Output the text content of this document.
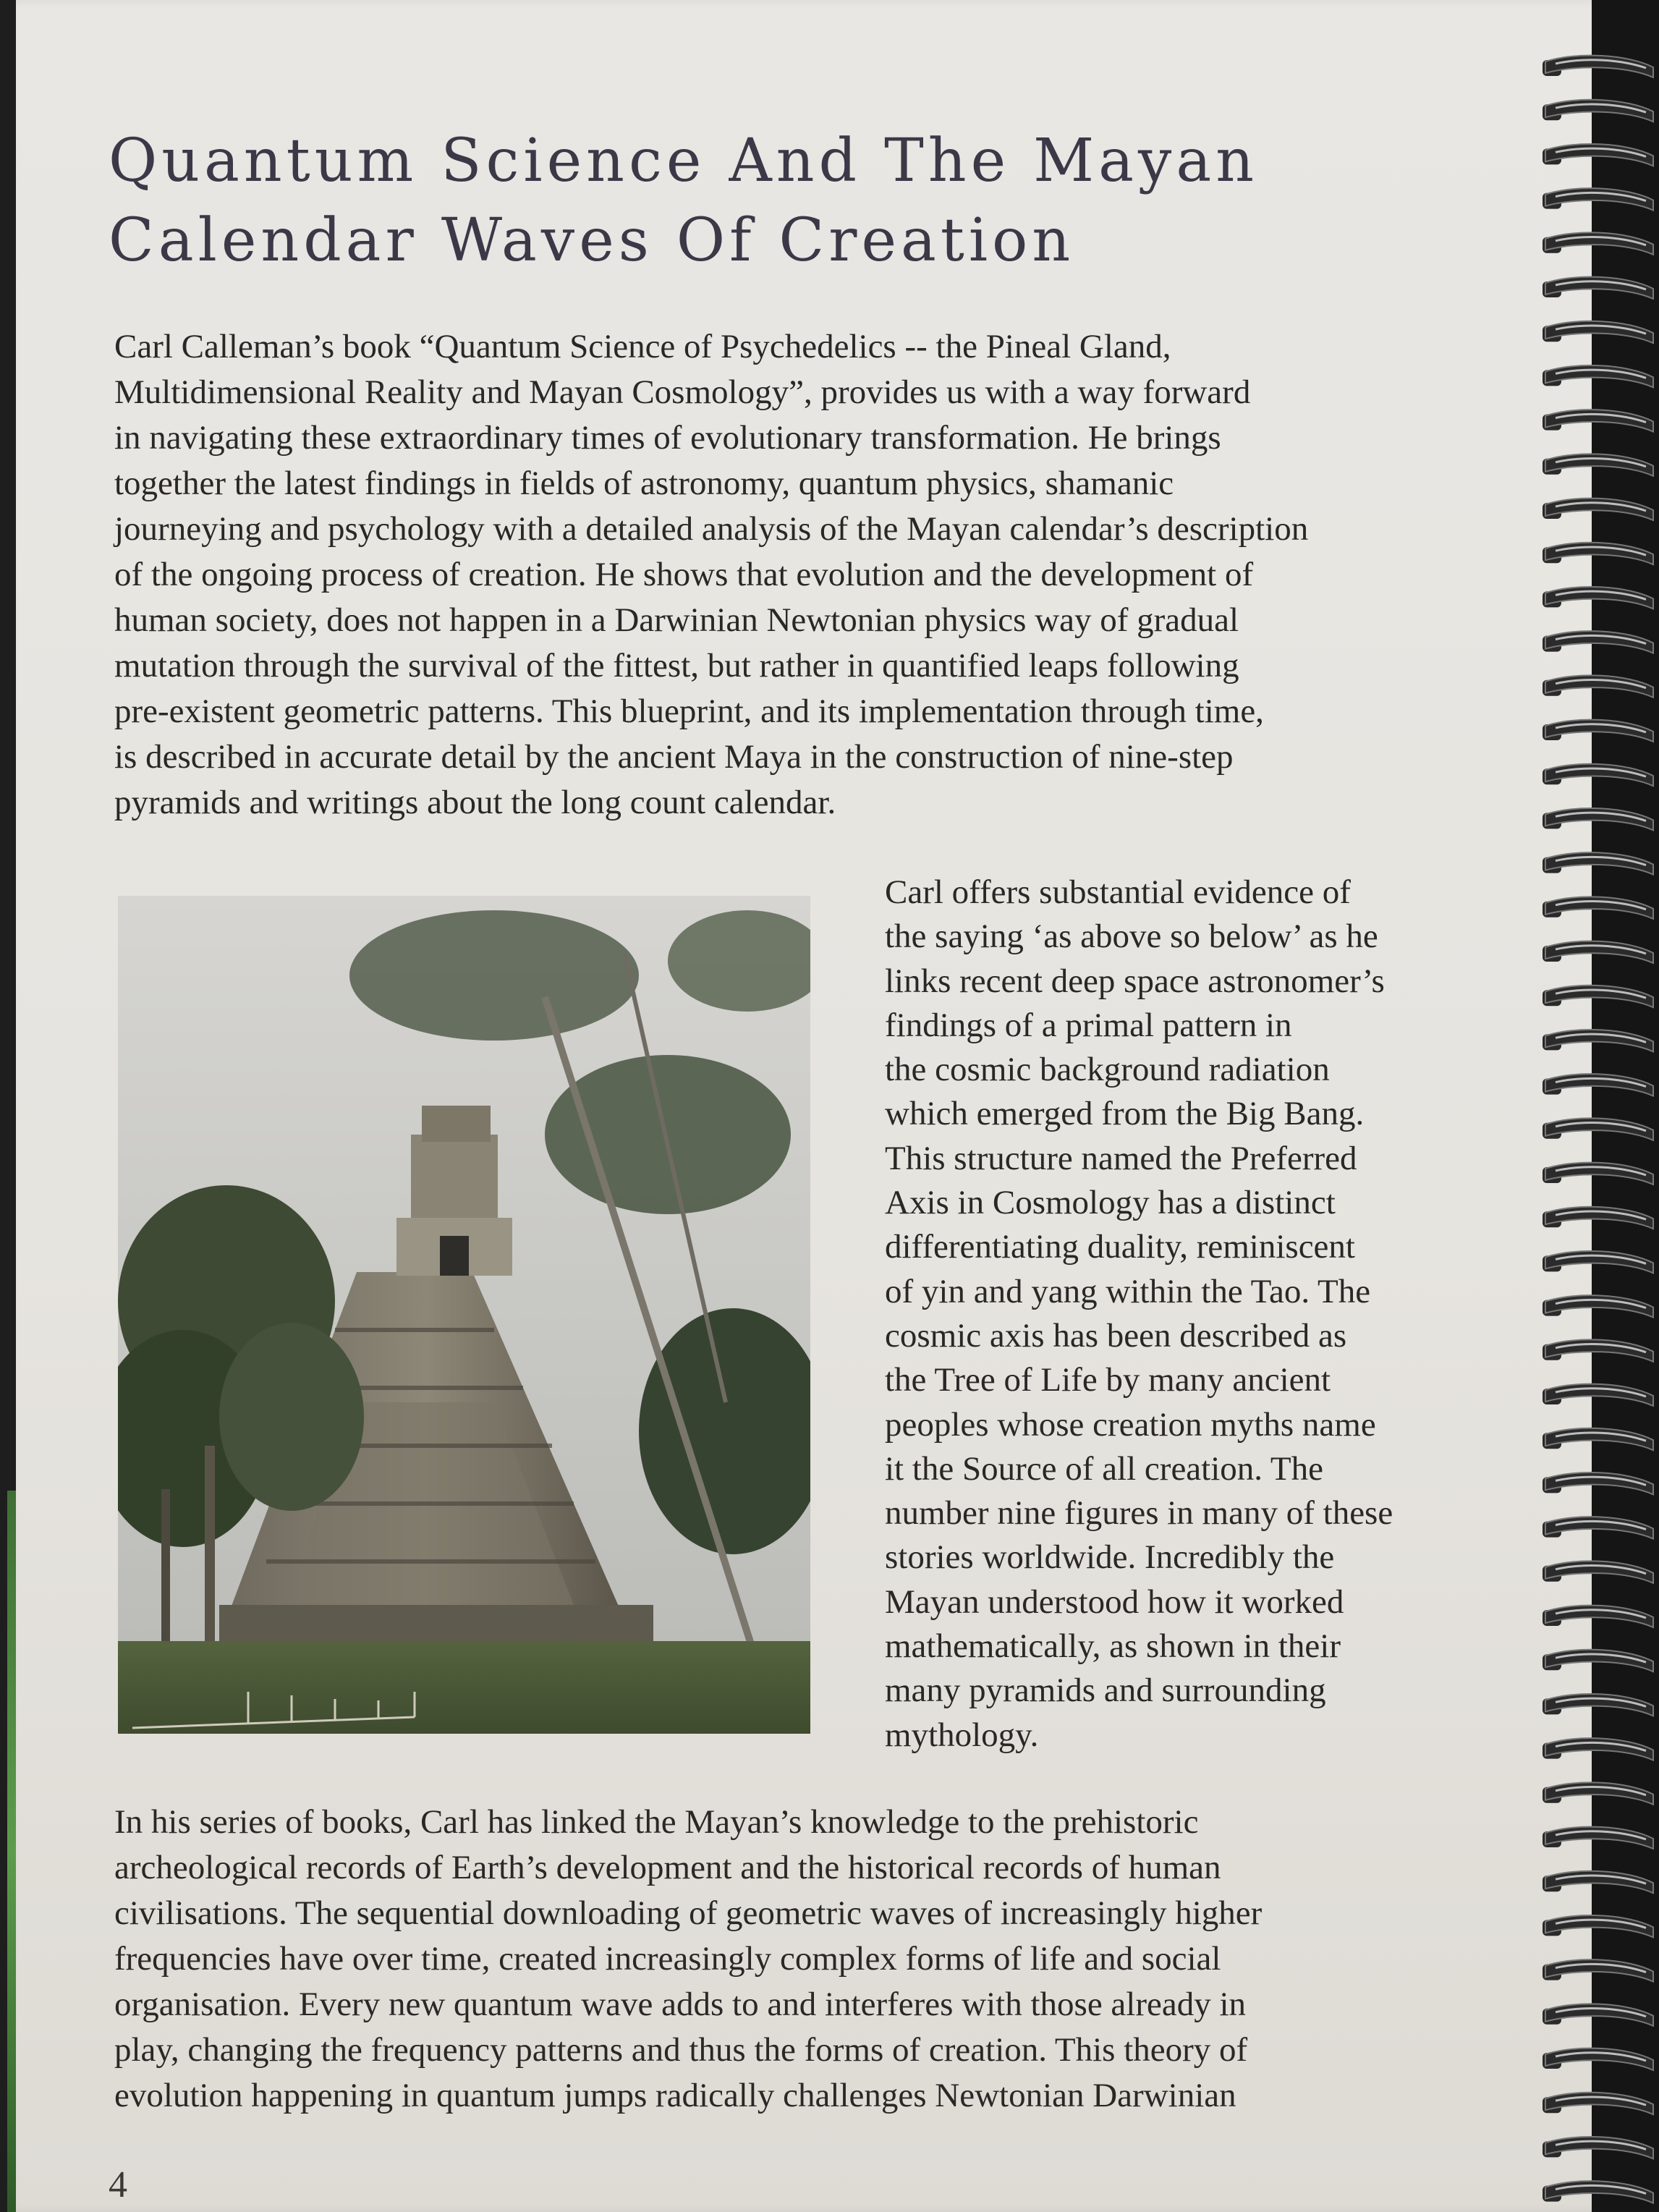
Quantum Science And The Mayan
Calendar Waves Of Creation

Carl Calleman’s book “Quantum Science of Psychedelics -- the Pineal Gland,
Multidimensional Reality and Mayan Cosmology”, provides us with a way forward
in navigating these extraordinary times of evolutionary transformation. He brings
together the latest findings in fields of astronomy, quantum physics, shamanic
journeying and psychology with a detailed analysis of the Mayan calendar’s description
of the ongoing process of creation. He shows that evolution and the development of
human society, does not happen in a Darwinian Newtonian physics way of gradual
mutation through the survival of the fittest, but rather in quantified leaps following
pre-existent geometric patterns. This blueprint, and its implementation through time,
is described in accurate detail by the ancient Maya in the construction of nine-step
pyramids and writings about the long count calendar.

Carl offers substantial evidence of
the saying ‘as above so below’ as he
links recent deep space astronomer’s
findings of a primal pattern in
the cosmic background radiation
which emerged from the Big Bang.
This structure named the Preferred
Axis in Cosmology has a distinct
differentiating duality, reminiscent
of yin and yang within the Tao. The
cosmic axis has been described as
the Tree of Life by many ancient
peoples whose creation myths name
it the Source of all creation. The
number nine figures in many of these
stories worldwide. Incredibly the
Mayan understood how it worked
mathematically, as shown in their
many pyramids and surrounding
mythology.

In his series of books, Carl has linked the Mayan’s knowledge to the prehistoric
archeological records of Earth’s development and the historical records of human
civilisations. The sequential downloading of geometric waves of increasingly higher
frequencies have over time, created increasingly complex forms of life and social
organisation. Every new quantum wave adds to and interferes with those already in
play, changing the frequency patterns and thus the forms of creation. This theory of
evolution happening in quantum jumps radically challenges Newtonian Darwinian

4
